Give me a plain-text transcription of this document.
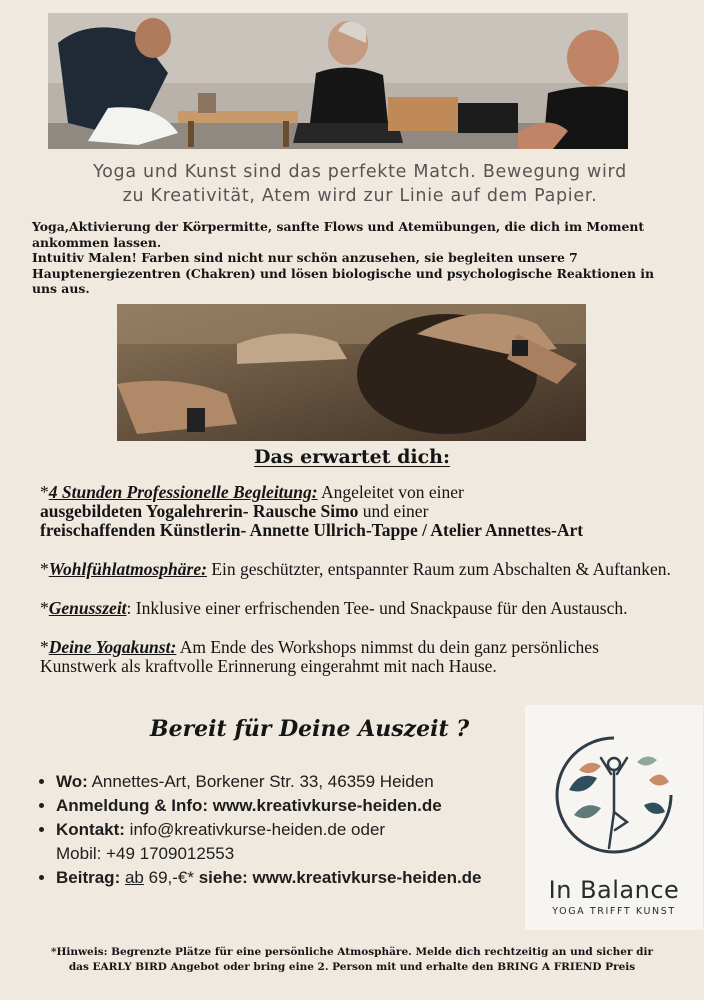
Yoga und Kunst sind das perfekte Match. Bewegung wird
zu Kreativität, Atem wird zur Linie auf dem Papier.

Yoga,Aktivierung der Körpermitte, sanfte Flows und Atemübungen, die dich im Moment
ankommen lassen.
Intuitiv Malen! Farben sind nicht nur schön anzusehen, sie begleiten unsere 7
Hauptenergiezentren (Chakren) und lösen biologische und psychologische Reaktionen in
uns aus.
Das erwartet dich:
*4 Stunden Professionelle Begleitung: Angeleitet von einer
ausgebildeten Yogalehrerin- Rausche Simo und einer
freischaffenden Künstlerin- Annette Ullrich-Tappe / Atelier Annettes-Art
*Wohlfühlatmosphäre: Ein geschützter, entspannter Raum zum Abschalten & Auftanken.
*Genusszeit: Inklusive einer erfrischenden Tee- und Snackpause für den Austausch.
*Deine Yogakunst: Am Ende des Workshops nimmst du dein ganz persönliches Kunstwerk als kraftvolle Erinnerung eingerahmt mit nach Hause.
Bereit für Deine Auszeit ?
• Wo: Annettes-Art, Borkener Str. 33, 46359 Heiden
• Anmeldung & Info: www.kreativkurse-heiden.de
• Kontakt: info@kreativkurse-heiden.de oder
Mobil: +49 1709012553
• Beitrag: ab 69,-€* siehe: www.kreativkurse-heiden.de	In Balance
YOGA TRIFFT KUNST
*Hinweis: Begrenzte Plätze für eine persönliche Atmosphäre. Melde dich rechtzeitig an und sicher dir
das EARLY BIRD Angebot oder bring eine 2. Person mit und erhalte den BRING A FRIEND Preis
